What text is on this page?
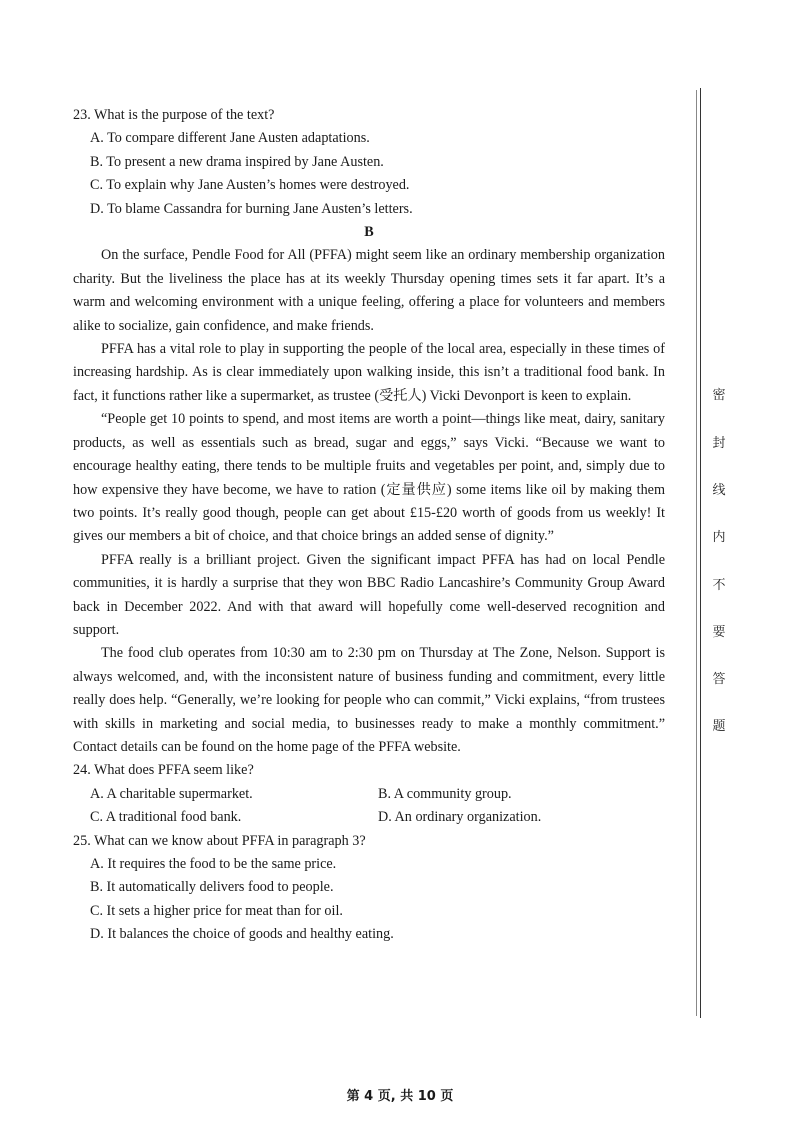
23. What is the purpose of the text?

A. To compare different Jane Austen adaptations.

B. To present a new drama inspired by Jane Austen.

C. To explain why Jane Austen’s homes were destroyed.

D. To blame Cassandra for burning Jane Austen’s letters.

B

On the surface, Pendle Food for All (PFFA) might seem like an ordinary membership organization charity. But the liveliness the place has at its weekly Thursday opening times sets it far apart. It’s a warm and welcoming environment with a unique feeling, offering a place for volunteers and members alike to socialize, gain confidence, and make friends.

PFFA has a vital role to play in supporting the people of the local area, especially in these times of increasing hardship. As is clear immediately upon walking inside, this isn’t a traditional food bank. In fact, it functions rather like a supermarket, as trustee (受托人) Vicki Devonport is keen to explain.

“People get 10 points to spend, and most items are worth a point—things like meat, dairy, sanitary products, as well as essentials such as bread, sugar and eggs,” says Vicki. “Because we want to encourage healthy eating, there tends to be multiple fruits and vegetables per point, and, simply due to how expensive they have become, we have to ration (定量供应) some items like oil by making them two points. It’s really good though, people can get about £15-£20 worth of goods from us weekly! It gives our members a bit of choice, and that choice brings an added sense of dignity.”

PFFA really is a brilliant project. Given the significant impact PFFA has had on local Pendle communities, it is hardly a surprise that they won BBC Radio Lancashire’s Community Group Award back in December 2022. And with that award will hopefully come well-deserved recognition and support.

The food club operates from 10:30 am to 2:30 pm on Thursday at The Zone, Nelson. Support is always welcomed, and, with the inconsistent nature of business funding and commitment, every little really does help. “Generally, we’re looking for people who can commit,” Vicki explains, “from trustees with skills in marketing and social media, to businesses ready to make a monthly commitment.” Contact details can be found on the home page of the PFFA website.

24. What does PFFA seem like?

A. A charitable supermarket.	B. A community group.
C. A traditional food bank.	D. An ordinary organization.

25. What can we know about PFFA in paragraph 3?

A. It requires the food to be the same price.

B. It automatically delivers food to people.

C. It sets a higher price for meat than for oil.

D. It balances the choice of goods and healthy eating.

密
封
线
内
不
要
答
题
第 4 页, 共 10 页
